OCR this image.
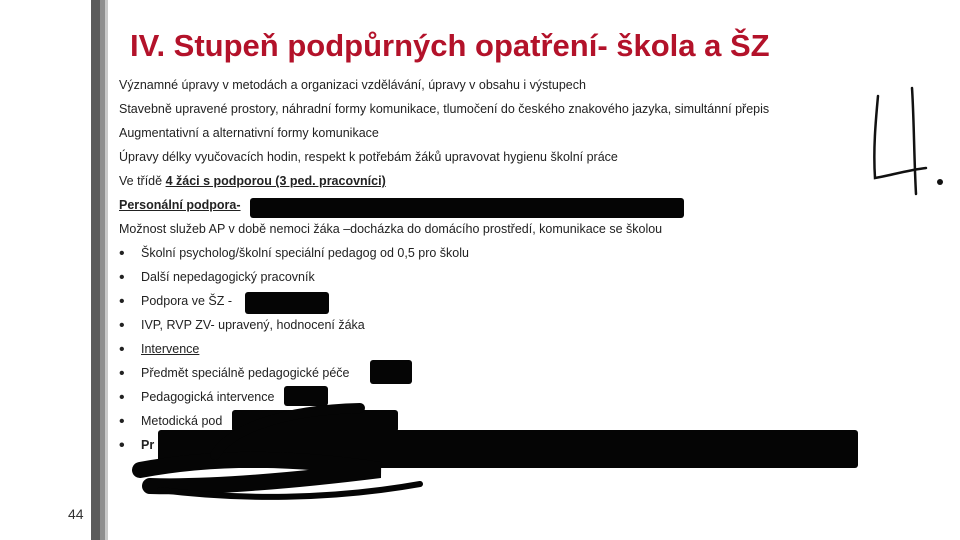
IV. Stupeň podpůrných opatření- škola a ŠZ
Významné úpravy v metodách a organizaci vzdělávání, úpravy v obsahu i výstupech
Stavebně upravené prostory, náhradní formy komunikace, tlumočení do českého znakového jazyka, simultánní přepis
Augmentativní a alternativní formy komunikace
Úpravy délky vyučovacích hodin, respekt k potřebám žáků upravovat hygienu školní práce
Ve třídě 4 žáci s podporou (3 ped. pracovníci)
Personální podpora-
Možnost služeb AP v době nemoci žáka –docházka do domácího prostředí, komunikace se školou
• Školní psycholog/školní speciální pedagog od 0,5 pro školu
• Další nepedagogický pracovník
• Podpora ve ŠZ -
• IVP, RVP ZV- upravený, hodnocení žáka
• Intervence
• Předmět speciálně pedagogické péče
• Pedagogická intervence
• Metodická pod
• Pr
y
44
